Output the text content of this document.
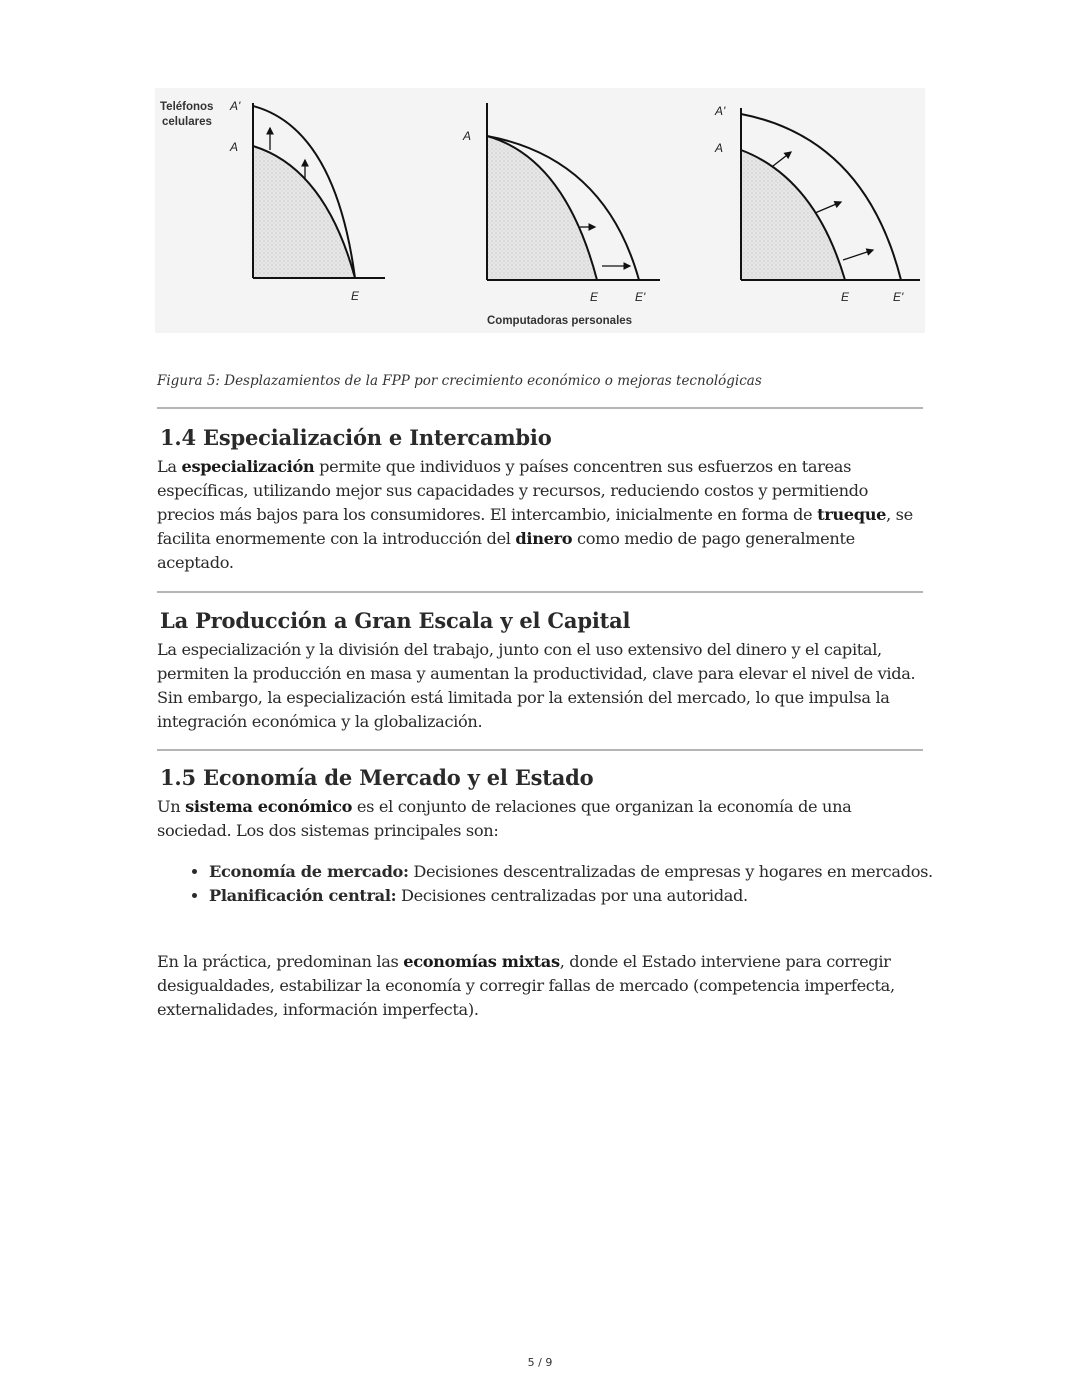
Teléfonos
celulares
A'
A
E
A
E	E'
Computadoras personales
A'
A
E	E'
Figura 5: Desplazamientos de la FPP por crecimiento económico o mejoras tecnológicas
1.4 Especialización e Intercambio

La especialización permite que individuos y países concentren sus esfuerzos en tareas específicas, utilizando mejor sus capacidades y recursos, reduciendo costos y permitiendo precios más bajos para los consumidores. El intercambio, inicialmente en forma de trueque, se facilita enormemente con la introducción del dinero como medio de pago generalmente aceptado.

La Producción a Gran Escala y el Capital

La especialización y la división del trabajo, junto con el uso extensivo del dinero y el capital, permiten la producción en masa y aumentan la productividad, clave para elevar el nivel de vida. Sin embargo, la especialización está limitada por la extensión del mercado, lo que impulsa la integración económica y la globalización.

1.5 Economía de Mercado y el Estado

Un sistema económico es el conjunto de relaciones que organizan la economía de una sociedad. Los dos sistemas principales son:

• Economía de mercado: Decisiones descentralizadas de empresas y hogares en mercados.
• Planificación central: Decisiones centralizadas por una autoridad.

En la práctica, predominan las economías mixtas, donde el Estado interviene para corregir desigualdades, estabilizar la economía y corregir fallas de mercado (competencia imperfecta, externalidades, información imperfecta).

5 / 9
